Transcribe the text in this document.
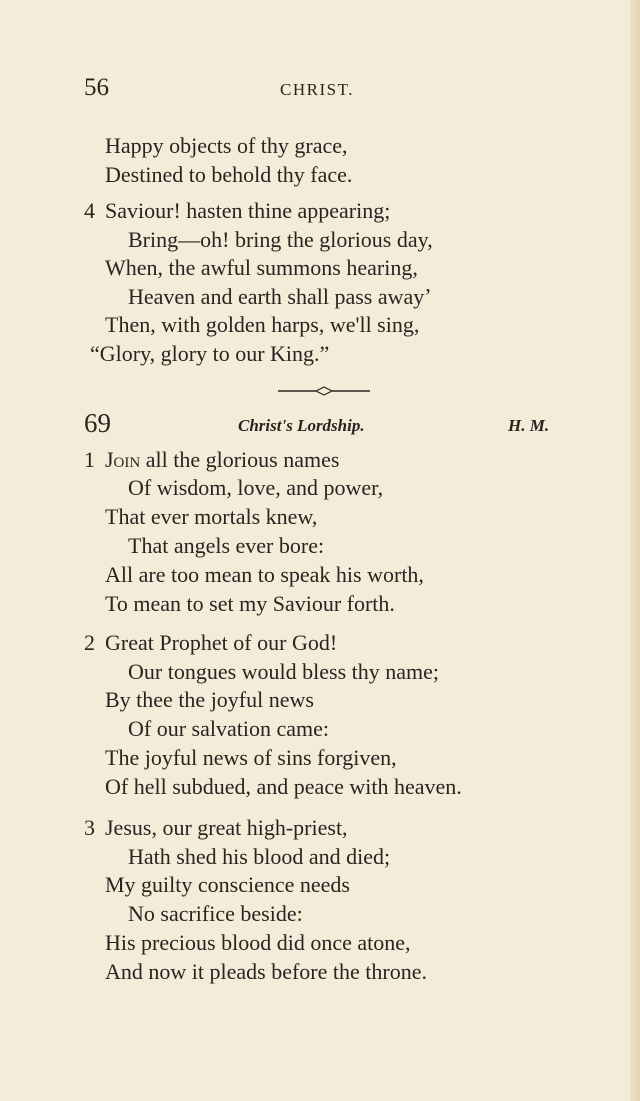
56	CHRIST.
Happy objects of thy grace,
Destined to behold thy face.
4 Saviour! hasten thine appearing;
Bring—oh! bring the glorious day,
When, the awful summons hearing,
Heaven and earth shall pass awayʼ
Then, with golden harps, we'll sing,
“Glory, glory to our King.”
69	Christ's Lordship.	H. M.
1 Join all the glorious names
Of wisdom, love, and power,
That ever mortals knew,
That angels ever bore:
All are too mean to speak his worth,
To mean to set my Saviour forth.
2 Great Prophet of our God!
Our tongues would bless thy name;
By thee the joyful news
Of our salvation came:
The joyful news of sins forgiven,
Of hell subdued, and peace with heaven.
3 Jesus, our great high-priest,
Hath shed his blood and died;
My guilty conscience needs
No sacrifice beside:
His precious blood did once atone,
And now it pleads before the throne.
